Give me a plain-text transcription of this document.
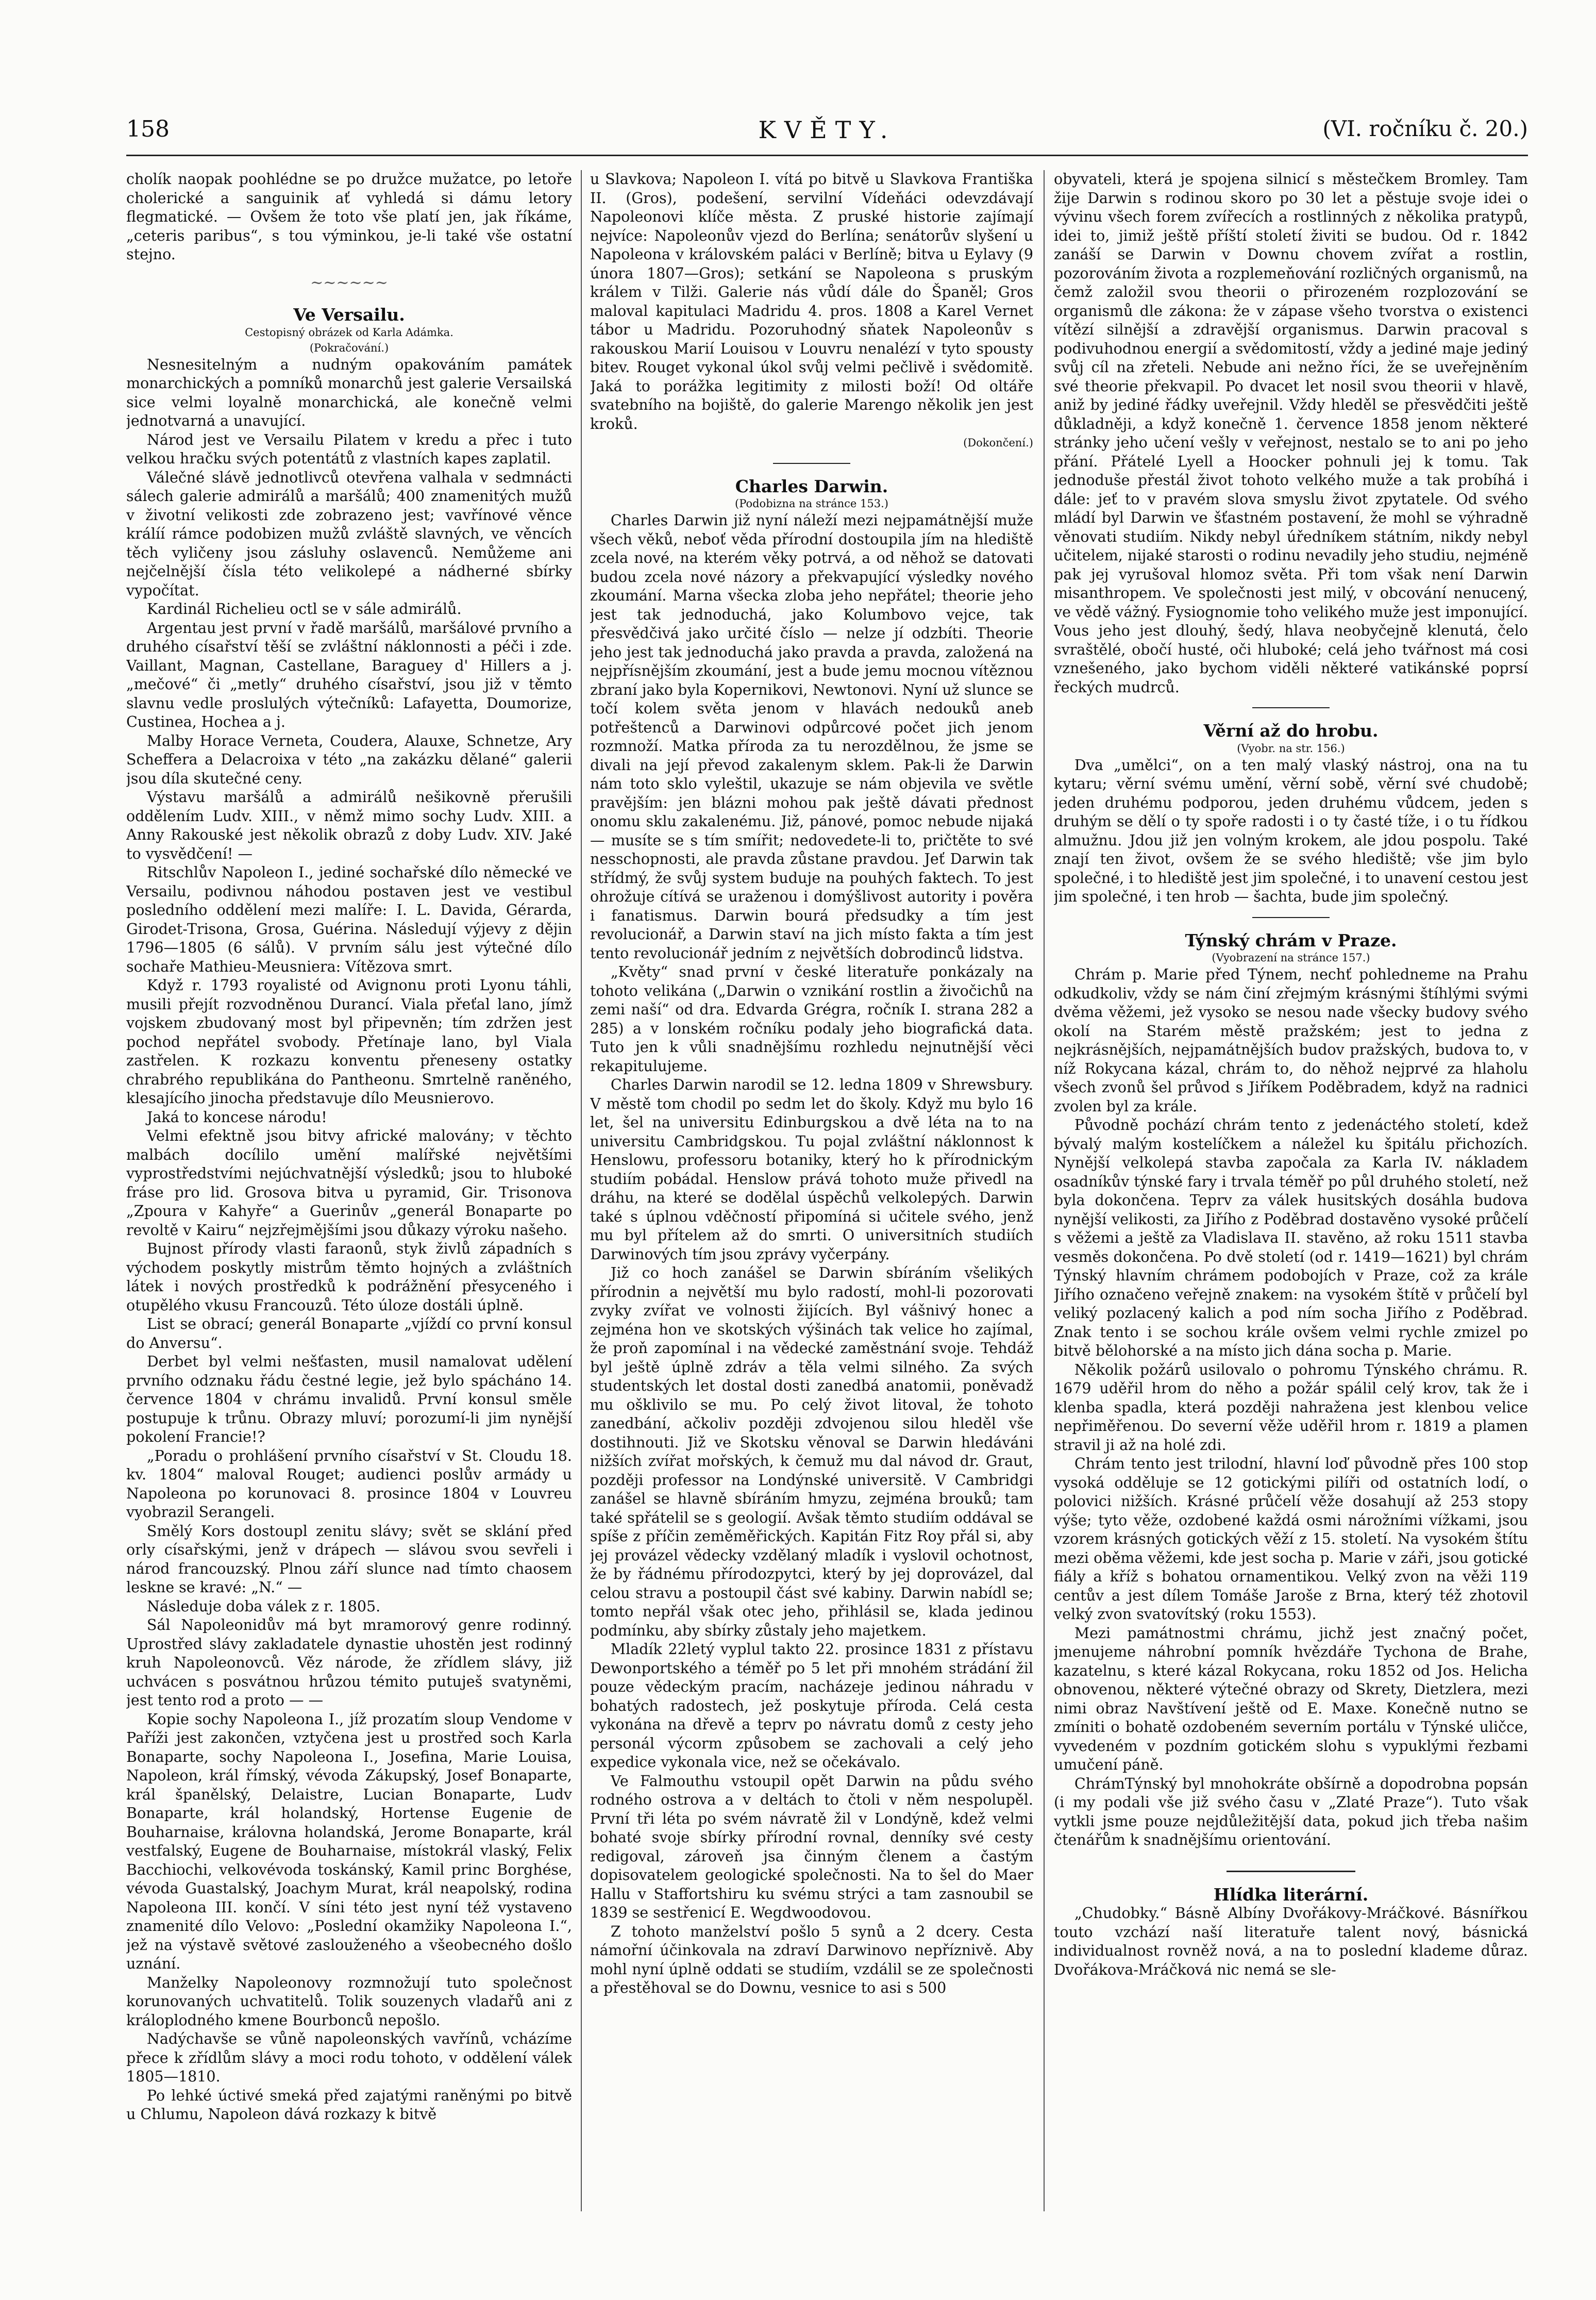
158	KVĚTY.	(VI. ročníku č. 20.)

cholík naopak poohlédne se po družce mužatce, po letoře cholerické a sanguinik ať vyhledá si dámu letory flegmatické. — Ovšem že toto vše platí jen, jak říkáme, „ceteris paribus“, s tou výminkou, je-li také vše ostatní stejno.

~~~~~~

Ve Versailu.

Cestopisný obrázek od Karla Adámka.

(Pokračování.)

Nesnesitelným a nudným opakováním památek monarchických a pomníků monarchů jest galerie Versailská sice velmi loyalně monarchická, ale konečně velmi jednotvarná a unavující.

Národ jest ve Versailu Pilatem v kredu a přec i tuto velkou hračku svých potentátů z vlastních kapes zaplatil.

Válečné slávě jednotlivců otevřena valhala v sedmnácti sálech galerie admirálů a maršálů; 400 znamenitých mužů v životní velikosti zde zobrazeno jest; vavřínové věnce králíí rámce podobizen mužů zvláště slavných, ve věncích těch vyličeny jsou zásluhy oslavenců. Nemůžeme ani nejčelnější čísla této velikolepé a nádherné sbírky vypočítat.

Kardinál Richelieu octl se v sále admirálů.

Argentau jest první v řadě maršálů, maršálové prvního a druhého císařství těší se zvláštní náklonnosti a péči i zde. Vaillant, Magnan, Castellane, Baraguey d' Hillers a j. „mečové“ či „metly“ druhého císařství, jsou již v těmto slavnu vedle proslulých výtečníků: Lafayetta, Doumorize, Custinea, Hochea a j.

Malby Horace Verneta, Coudera, Alauxe, Schnetze, Ary Scheffera a Delacroixa v této „na zakázku dělané“ galerii jsou díla skutečné ceny.

Výstavu maršálů a admirálů nešikovně přerušili oddělením Ludv. XIII., v němž mimo sochy Ludv. XIII. a Anny Rakouské jest několik obrazů z doby Ludv. XIV. Jaké to vysvědčení! —

Ritschlův Napoleon I., jediné sochařské dílo německé ve Versailu, podivnou náhodou postaven jest ve vestibul posledního oddělení mezi malíře: I. L. Davida, Gérarda, Girodet-Trisona, Grosa, Guérina. Následují výjevy z dějin 1796—1805 (6 sálů). V prvním sálu jest výtečné dílo sochaře Mathieu-Meusniera: Vítězova smrt.

Když r. 1793 royalisté od Avignonu proti Lyonu táhli, musili přejít rozvodněnou Durancí. Viala přeťal lano, jímž vojskem zbudovaný most byl připevněn; tím zdržen jest pochod nepřátel svobody. Přetínaje lano, byl Viala zastřelen. K rozkazu konventu přeneseny ostatky chrabrého republikána do Pantheonu. Smrtelně raněného, klesajícího jinocha představuje dílo Meusnierovo.

Jaká to koncese národu!

Velmi efektně jsou bitvy africké malovány; v těchto malbách docílilo umění malířské největšími vyprostředstvími nejúchvatnější výsledků; jsou to hluboké fráse pro lid. Grosova bitva u pyramid, Gir. Trisonova „Zpoura v Kahyře“ a Guerinův „generál Bonaparte po revoltě v Kairu“ nejzřejmějšími jsou důkazy výroku našeho.

Bujnost přírody vlasti faraonů, styk živlů západních s východem poskytly mistrům těmto hojných a zvláštních látek i nových prostředků k podrážnění přesyceného i otupělého vkusu Francouzů. Této úloze dostáli úplně.

List se obrací; generál Bonaparte „vjíždí co první konsul do Anversu“.

Derbet byl velmi nešťasten, musil namalovat udělení prvního odznaku řádu čestné legie, jež bylo spácháno 14. července 1804 v chrámu invalidů. První konsul směle postupuje k trůnu. Obrazy mluví; porozumí-li jim nynější pokolení Francie!?

„Poradu o prohlášení prvního císařství v St. Cloudu 18. kv. 1804“ maloval Rouget; audienci poslův armády u Napoleona po korunovaci 8. prosince 1804 v Louvreu vyobrazil Serangeli.

Smělý Kors dostoupl zenitu slávy; svět se sklání před orly císařskými, jenž v drápech — slávou svou sevřeli i národ francouzský. Plnou září slunce nad tímto chaosem leskne se kravé: „N.“ —

Následuje doba válek z r. 1805.

Sál Napoleonidův má byt mramorový genre rodinný. Uprostřed slávy zakladatele dynastie uhostěn jest rodinný kruh Napoleonovců. Věz národe, že zřídlem slávy, již uchvácen s posvátnou hrůzou témito putuješ svatyněmi, jest tento rod a proto — —

Kopie sochy Napoleona I., jíž prozatím sloup Vendome v Paříži jest zakončen, vztyčena jest u prostřed soch Karla Bonaparte, sochy Napoleona I., Josefina, Marie Louisa, Napoleon, král římský, vévoda Zákupský, Josef Bonaparte, král španělský, Delaistre, Lucian Bonaparte, Ludv Bonaparte, král holandský, Hortense Eugenie de Bouharnaise, královna holandská, Jerome Bonaparte, král vestfalský, Eugene de Bouharnaise, místokrál vlaský, Felix Bacchiochi, velkovévoda toskánský, Kamil princ Borghése, vévoda Guastalský, Joachym Murat, král neapolský, rodina Napoleona III. končí. V síni této jest nyní též vystaveno znamenité dílo Velovo: „Poslední okamžiky Napoleona I.“, jež na výstavě světové zaslouženého a všeobecného došlo uznání.

Manželky Napoleonovy rozmnožují tuto společnost korunovaných uchvatitelů. Tolik souzenych vladařů ani z králoplodného kmene Bourbonců nepošlo.

Nadýchavše se vůně napoleonských vavřínů, vcházíme přece k zřídlům slávy a moci rodu tohoto, v oddělení válek 1805—1810.

Po lehké úctivé smeká před zajatými raněnými po bitvě u Chlumu, Napoleon dává rozkazy k bitvě

u Slavkova; Napoleon I. vítá po bitvě u Slavkova Františka II. (Gros), podešení, servilní Vídeňáci odevzdávají Napoleonovi klíče města. Z pruské historie zajímají nejvíce: Napoleonův vjezd do Berlína; senátorův slyšení u Napoleona v královském paláci v Berlíně; bitva u Eylavy (9 února 1807—Gros); setkání se Napoleona s pruským králem v Tilži. Galerie nás vůdí dále do Španěl; Gros maloval kapitulaci Madridu 4. pros. 1808 a Karel Vernet tábor u Madridu. Pozoruhodný sňatek Napoleonův s rakouskou Marií Louisou v Louvru nenalézí v tyto spousty bitev. Rouget vykonal úkol svůj velmi pečlivě i svědomitě. Jaká to porážka legitimity z milosti boží! Od oltáře svatebního na bojiště, do galerie Marengo několik jen jest kroků.

(Dokončení.)

Charles Darwin.

(Podobizna na stránce 153.)

Charles Darwin již nyní náleží mezi nejpamátnější muže všech věků, neboť věda přírodní dostoupila jím na hlediště zcela nové, na kterém věky potrvá, a od něhož se datovati budou zcela nové názory a překvapující výsledky nového zkoumání. Marna všecka zloba jeho nepřátel; theorie jeho jest tak jednoduchá, jako Kolumbovo vejce, tak přesvědčivá jako určité číslo — nelze jí odzbíti. Theorie jeho jest tak jednoduchá jako pravda a pravda, založená na nejpřísnějším zkoumání, jest a bude jemu mocnou vítěznou zbraní jako byla Kopernikovi, Newtonovi. Nyní už slunce se točí kolem světa jenom v hlavách nedouků aneb potřeštenců a Darwinovi odpůrcové počet jich jenom rozmnoží. Matka příroda za tu nerozdělnou, že jsme se divali na její převod zakalenym sklem. Pak-li že Darwin nám toto sklo vyleštil, ukazuje se nám objevila ve světle pravějším: jen blázni mohou pak ještě dávati přednost onomu sklu zakalenému. Již, pánové, pomoc nebude nijaká — musíte se s tím smířit; nedovedete-li to, pričtěte to své nesschopnosti, ale pravda zůstane pravdou. Jeť Darwin tak střídmý, že svůj system buduje na pouhých faktech. To jest ohrožuje cítívá se uraženou i domýšlivost autority i pověra i fanatismus. Darwin bourá předsudky a tím jest revolucionář, a Darwin staví na jich místo fakta a tím jest tento revolucionář jedním z největších dobrodinců lidstva.

„Květy“ snad první v české literatuře ponkázaly na tohoto velikána („Darwin o vznikání rostlin a živočichů na zemi naší“ od dra. Edvarda Grégra, ročník I. strana 282 a 285) a v lonském ročníku podaly jeho biografická data. Tuto jen k vůli snadnějšímu rozhledu nejnutnější věci rekapitulujeme.

Charles Darwin narodil se 12. ledna 1809 v Shrewsbury. V městě tom chodil po sedm let do školy. Když mu bylo 16 let, šel na universitu Edinburgskou a dvě léta na to na universitu Cambridgskou. Tu pojal zvláštní náklonnost k Henslowu, professoru botaniky, který ho k přírodnickým studiím pobádal. Henslow prává tohoto muže přivedl na dráhu, na které se dodělal úspěchů velkolepých. Darwin také s úplnou vděčností připomíná si učitele svého, jenž mu byl přítelem až do smrti. O universitních studiích Darwinových tím jsou zprávy vyčerpány.

Již co hoch zanášel se Darwin sbíráním všelikých přírodnin a největší mu bylo radostí, mohl-li pozorovati zvyky zvířat ve volnosti žijících. Byl vášnivý honec a zejména hon ve skotských výšinách tak velice ho zajímal, že proň zapomínal i na vědecké zaměstnání svoje. Tehdáž byl ještě úplně zdráv a těla velmi silného. Za svých studentských let dostal dosti zanedbá anatomii, poněvadž mu ošklivilo se mu. Po celý život litoval, že tohoto zanedbání, ačkoliv později zdvojenou silou hleděl vše dostihnouti. Již ve Skotsku věnoval se Darwin hledáváni nižších zvířat mořských, k čemuž mu dal návod dr. Graut, později professor na Londýnské universitě. V Cambridgi zanášel se hlavně sbíráním hmyzu, zejména brouků; tam také spřátelil se s geologií. Avšak těmto studiím oddával se spíše z příčin zeměměřických. Kapitán Fitz Roy přál si, aby jej provázel vědecky vzdělaný mladík i vyslovil ochotnost, že by řádnému přírodozpytci, který by jej doprovázel, dal celou stravu a postoupil část své kabiny. Darwin nabídl se; tomto nepřál však otec jeho, přihlásil se, klada jedinou podmínku, aby sbírky zůstaly jeho majetkem.

Mladík 22letý vyplul takto 22. prosince 1831 z přístavu Dewonportského a téměř po 5 let při mnohém strádání žil pouze vědeckým pracím, nacházeje jedinou náhradu v bohatých radostech, jež poskytuje příroda. Celá cesta vykonána na dřevě a teprv po návratu domů z cesty jeho personál výcorm způsobem se zachovali a celý jeho expedice vykonala vice, než se očekávalo.

Ve Falmouthu vstoupil opět Darwin na půdu svého rodného ostrova a v deltách to čtoli v něm nespolupěl. První tři léta po svém návratě žil v Londýně, kdež velmi bohaté svoje sbírky přírodní rovnal, denníky své cesty redigoval, zároveň jsa činným členem a častým dopisovatelem geologické společnosti. Na to šel do Maer Hallu v Staffortshiru ku svému strýci a tam zasnoubil se 1839 se sestřenicí E. Wegdwoodovou.

Z tohoto manželství pošlo 5 synů a 2 dcery. Cesta námořní účinkovala na zdraví Darwinovo nepříznivě. Aby mohl nyní úplně oddati se studiím, vzdálil se ze společnosti a přestěhoval se do Downu, vesnice to asi s 500

obyvateli, která je spojena silnicí s městečkem Bromley. Tam žije Darwin s rodinou skoro po 30 let a pěstuje svoje idei o vývinu všech forem zvířecích a rostlinných z několika pratypů, idei to, jimiž ještě příští století živiti se budou. Od r. 1842 zanáší se Darwin v Downu chovem zvířat a rostlin, pozorováním života a rozplemeňování rozličných organismů, na čemž založil svou theorii o přirozeném rozplozování se organismů dle zákona: že v zápase všeho tvorstva o existenci vítězí silnější a zdravější organismus. Darwin pracoval s podivuhodnou energií a svědomitostí, vždy a jediné maje jediný svůj cíl na zřeteli. Nebude ani nežno říci, že se uveřejněním své theorie překvapil. Po dvacet let nosil svou theorii v hlavě, aniž by jediné řádky uveřejnil. Vždy hleděl se přesvědčiti ještě důkladněji, a když konečně 1. července 1858 jenom některé stránky jeho učení vešly v veřejnost, nestalo se to ani po jeho přání. Přátelé Lyell a Hoocker pohnuli jej k tomu. Tak jednoduše přestál život tohoto velkého muže a tak probíhá i dále: jeť to v pravém slova smyslu život zpytatele. Od svého mládí byl Darwin ve šťastném postavení, že mohl se výhradně věnovati studiím. Nikdy nebyl úředníkem státním, nikdy nebyl učitelem, nijaké starosti o rodinu nevadily jeho studiu, nejméně pak jej vyrušoval hlomoz světa. Při tom však není Darwin misanthropem. Ve společnosti jest milý, v obcování nenucený, ve vědě vážný. Fysiognomie toho velikého muže jest imponující. Vous jeho jest dlouhý, šedý, hlava neobyčejně klenutá, čelo svraštělé, obočí husté, oči hluboké; celá jeho tvářnost má cosi vznešeného, jako bychom viděli některé vatikánské poprsí řeckých mudrců.

Věrní až do hrobu.

(Vyobr. na str. 156.)

Dva „umělci“, on a ten malý vlaský nástroj, ona na tu kytaru; věrní svému umění, věrní sobě, věrní své chudobě; jeden druhému podporou, jeden druhému vůdcem, jeden s druhým se dělí o ty spoře radosti i o ty časté tíže, i o tu řídkou almužnu. Jdou již jen volným krokem, ale jdou pospolu. Také znají ten život, ovšem že se svého hlediště; vše jim bylo společné, i to hlediště jest jim společné, i to unavení cestou jest jim společné, i ten hrob — šachta, bude jim společný.

Týnský chrám v Praze.

(Vyobrazení na stránce 157.)

Chrám p. Marie před Týnem, nechť pohledneme na Prahu odkudkoliv, vždy se nám činí zřejmým krásnými štíhlými svými dvěma věžemi, jež vysoko se nesou nade všecky budovy svého okolí na Starém městě pražském; jest to jedna z nejkrásnějších, nejpamátnějších budov pražských, budova to, v níž Rokycana kázal, chrám to, do něhož nejprvé za hlaholu všech zvonů šel průvod s Jiříkem Poděbradem, když na radnici zvolen byl za krále.

Původně pochází chrám tento z jedenáctého století, kdež bývalý malým kostelíčkem a náležel ku špitálu přichozích. Nynější velkolepá stavba započala za Karla IV. nákladem osadníkův týnské fary i trvala téměř po půl druhého století, než byla dokončena. Teprv za válek husitských dosáhla budova nynější velikosti, za Jiřího z Poděbrad dostavěno vysoké průčelí s věžemi a ještě za Vladislava II. stavěno, až roku 1511 stavba vesměs dokončena. Po dvě století (od r. 1419—1621) byl chrám Týnský hlavním chrámem podobojích v Praze, což za krále Jiřího označeno veřejně znakem: na vysokém štítě v průčelí byl veliký pozlacený kalich a pod ním socha Jiřího z Poděbrad. Znak tento i se sochou krále ovšem velmi rychle zmizel po bitvě bělohorské a na místo jich dána socha p. Marie.

Několik požárů usilovalo o pohromu Týnského chrámu. R. 1679 uděřil hrom do něho a požár spálil celý krov, tak že i klenba spadla, která později nahražena jest klenbou velice nepřiměřenou. Do severní věže uděřil hrom r. 1819 a plamen stravil ji až na holé zdi.

Chrám tento jest trilodní, hlavní loď původně přes 100 stop vysoká odděluje se 12 gotickými pilíři od ostatních lodí, o polovici nižších. Krásné průčelí věže dosahují až 253 stopy výše; tyto věže, ozdobené každá osmi nárožními vížkami, jsou vzorem krásných gotických věží z 15. století. Na vysokém štítu mezi oběma věžemi, kde jest socha p. Marie v záři, jsou gotické fiály a kříž s bohatou ornamentikou. Velký zvon na věži 119 centův a jest dílem Tomáše Jaroše z Brna, který též zhotovil velký zvon svatovítský (roku 1553).

Mezi památnostmi chrámu, jichž jest značný počet, jmenujeme náhrobní pomník hvězdáře Tychona de Brahe, kazatelnu, s které kázal Rokycana, roku 1852 od Jos. Helicha obnovenou, některé výtečné obrazy od Skrety, Dietzlera, mezi nimi obraz Navštívení ještě od E. Maxe. Konečně nutno se zmíniti o bohatě ozdobeném severním portálu v Týnské uličce, vyvedeném v pozdním gotickém slohu s vypuklými řezbami umučení páně.

ChrámTýnský byl mnohokráte obšírně a dopodrobna popsán (i my podali vše již svého času v „Zlaté Praze“). Tuto však vytkli jsme pouze nejdůležitější data, pokud jich třeba našim čtenářům k snadnějšímu orientování.

Hlídka literární.

„Chudobky.“ Básně Albíny Dvořákovy-Mráčkové. Básnířkou touto vzchází naší literatuře talent nový, básnická individualnost rovněž nová, a na to poslední klademe důraz. Dvořákova-Mráčková nic nemá se sle-
